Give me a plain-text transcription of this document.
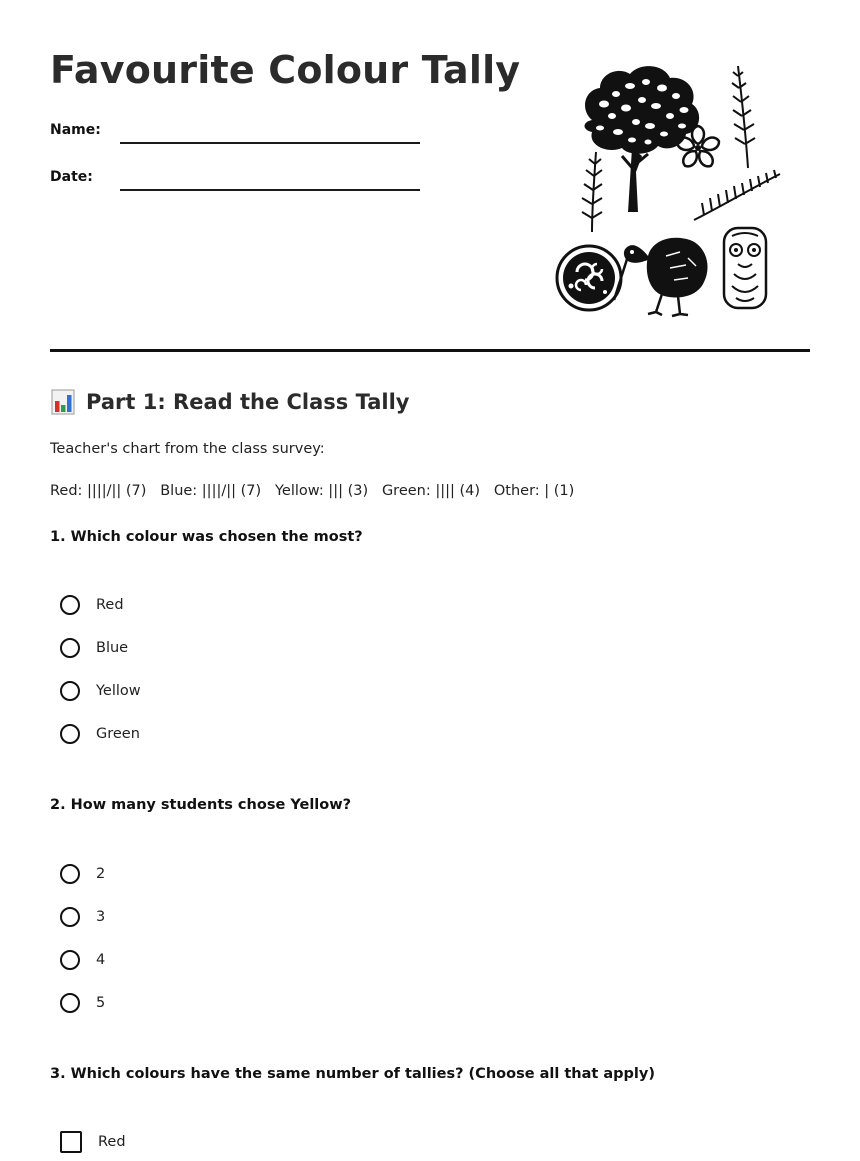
Favourite Colour Tally
Name:
Date:
Part 1: Read the Class Tally
Teacher's chart from the class survey:
Red: ||||/|| (7)   Blue: ||||/|| (7)   Yellow: ||| (3)   Green: |||| (4)   Other: | (1)
1. Which colour was chosen the most?
Red
Blue
Yellow
Green
2. How many students chose Yellow?
2
3
4
5
3. Which colours have the same number of tallies? (Choose all that apply)
Red
